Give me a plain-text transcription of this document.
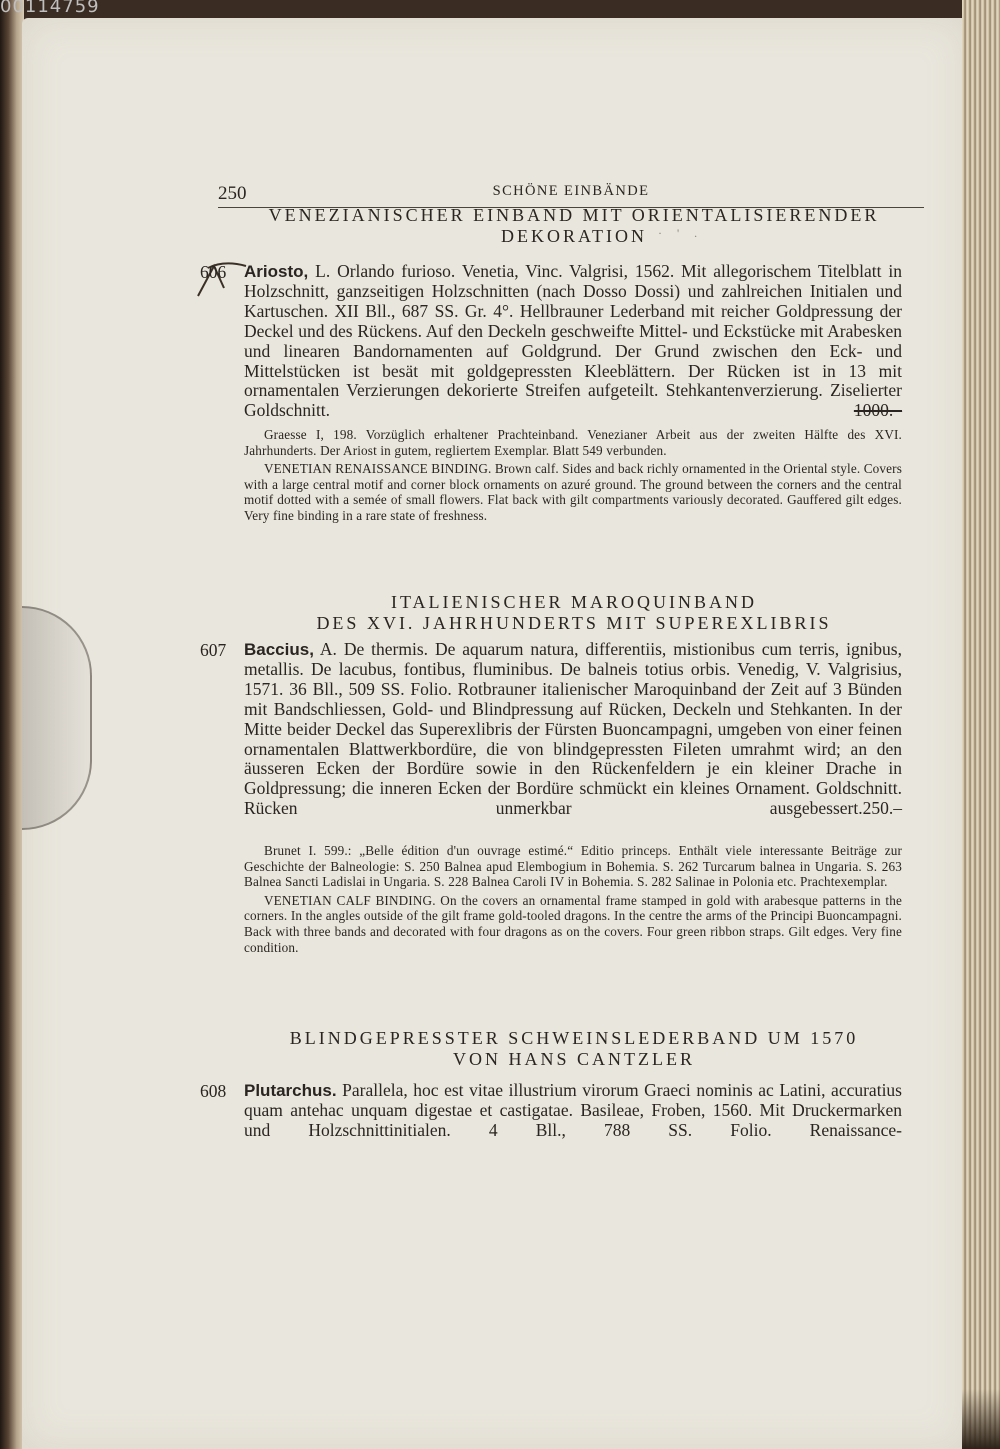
250	SCHÖNE EINBÄNDE
00114759
VENEZIANISCHER EINBAND MIT ORIENTALISIERENDER
DEKORATION
. · ' .
606 Ariosto, L. Orlando furioso. Venetia, Vinc. Valgrisi, 1562. Mit allegorischem Titelblatt in Holzschnitt, ganzseitigen Holzschnitten (nach Dosso Dossi) und zahlreichen Initialen und Kartuschen. XII Bll., 687 SS. Gr. 4°. Hellbrauner Lederband mit reicher Goldpressung der Deckel und des Rückens. Auf den Deckeln geschweifte Mittel- und Eckstücke mit Arabesken und linearen Bandornamenten auf Goldgrund. Der Grund zwischen den Eck- und Mittelstücken ist besät mit goldgepressten Kleeblättern. Der Rücken ist in 13 mit ornamentalen Verzierungen dekorierte Streifen aufgeteilt. Stehkantenverzierung. Ziselierter Goldschnitt.	1000.–

Graesse I, 198. Vorzüglich erhaltener Prachteinband. Venezianer Arbeit aus der zweiten Hälfte des XVI. Jahrhunderts. Der Ariost in gutem, regliertem Exemplar. Blatt 549 verbunden.

VENETIAN RENAISSANCE BINDING. Brown calf. Sides and back richly ornamented in the Oriental style. Covers with a large central motif and corner block ornaments on azuré ground. The ground between the corners and the central motif dotted with a semée of small flowers. Flat back with gilt compartments variously decorated. Gauffered gilt edges. Very fine binding in a rare state of freshness.

ITALIENISCHER MAROQUINBAND
DES XVI. JAHRHUNDERTS MIT SUPEREXLIBRIS
607 Baccius, A. De thermis. De aquarum natura, differentiis, mistionibus cum terris, ignibus, metallis. De lacubus, fontibus, fluminibus. De balneis totius orbis. Venedig, V. Valgrisius, 1571. 36 Bll., 509 SS. Folio. Rotbrauner italienischer Maroquinband der Zeit auf 3 Bünden mit Bandschliessen, Gold- und Blindpressung auf Rücken, Deckeln und Stehkanten. In der Mitte beider Deckel das Superexlibris der Fürsten Buoncampagni, umgeben von einer feinen ornamentalen Blattwerkbordüre, die von blindgepressten Fileten umrahmt wird; an den äusseren Ecken der Bordüre sowie in den Rückenfeldern je ein kleiner Drache in Goldpressung; die inneren Ecken der Bordüre schmückt ein kleines Ornament. Goldschnitt. Rücken unmerkbar ausgebessert. 250.–

Brunet I. 599.: „Belle édition d'un ouvrage estimé.“ Editio princeps. Enthält viele interessante Beiträge zur Geschichte der Balneologie: S. 250 Balnea apud Elembogium in Bohemia. S. 262 Turcarum balnea in Ungaria. S. 263 Balnea Sancti Ladislai in Ungaria. S. 228 Balnea Caroli IV in Bohemia. S. 282 Salinae in Polonia etc. Prachtexemplar.

VENETIAN CALF BINDING. On the covers an ornamental frame stamped in gold with arabesque patterns in the corners. In the angles outside of the gilt frame gold-tooled dragons. In the centre the arms of the Principi Buoncampagni. Back with three bands and decorated with four dragons as on the covers. Four green ribbon straps. Gilt edges. Very fine condition.

BLINDGEPRESSTER SCHWEINSLEDERBAND UM 1570
VON HANS CANTZLER
608 Plutarchus. Parallela, hoc est vitae illustrium virorum Graeci nominis ac Latini, accuratius quam antehac unquam digestae et castigatae. Basileae, Froben, 1560. Mit Druckermarken und Holzschnittinitialen. 4 Bll., 788 SS. Folio. Renaissance-
